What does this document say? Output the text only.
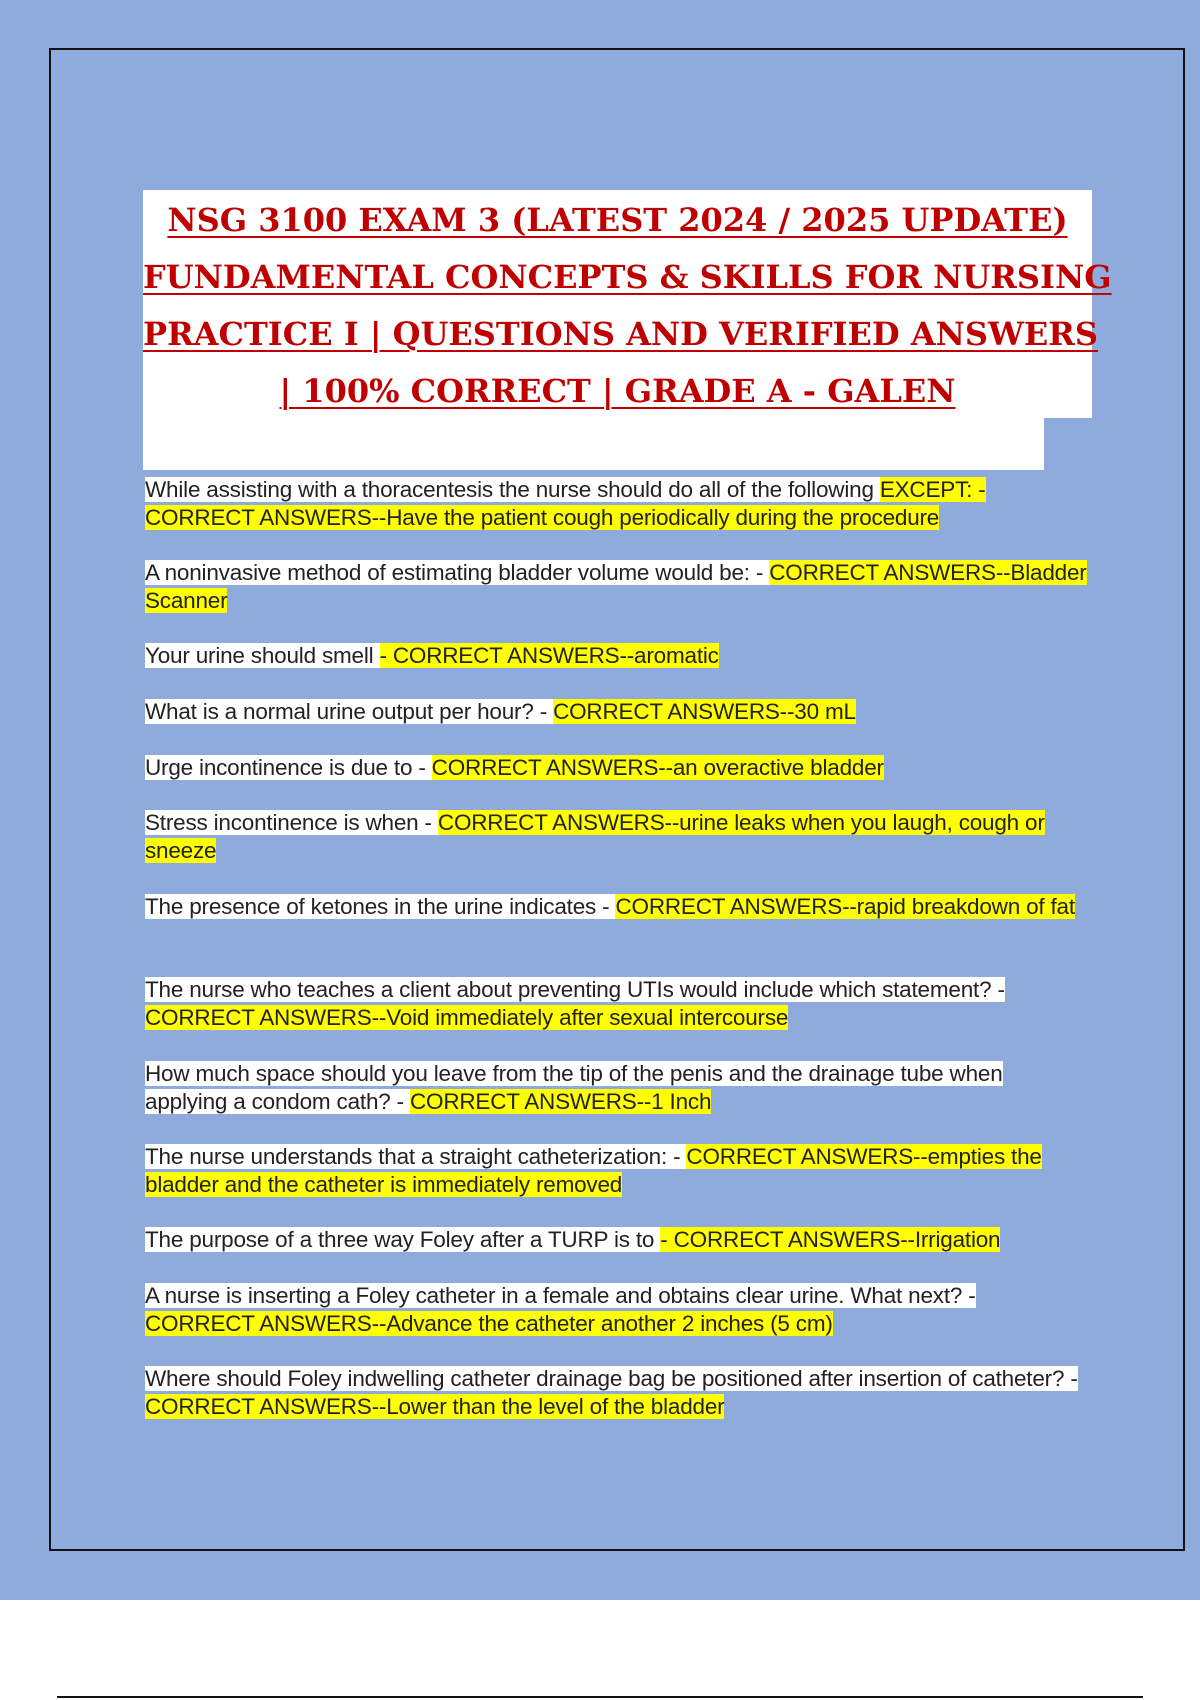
NSG 3100 EXAM 3 (LATEST 2024 / 2025 UPDATE)
FUNDAMENTAL CONCEPTS & SKILLS FOR NURSING
PRACTICE I | QUESTIONS AND VERIFIED ANSWERS
| 100% CORRECT | GRADE A - GALEN
While assisting with a thoracentesis the nurse should do all of the following EXCEPT: - CORRECT ANSWERS--Have the patient cough periodically during the procedure
A noninvasive method of estimating bladder volume would be: - CORRECT ANSWERS--Bladder Scanner
Your urine should smell - CORRECT ANSWERS--aromatic
What is a normal urine output per hour? - CORRECT ANSWERS--30 mL
Urge incontinence is due to - CORRECT ANSWERS--an overactive bladder
Stress incontinence is when - CORRECT ANSWERS--urine leaks when you laugh, cough or sneeze
The presence of ketones in the urine indicates - CORRECT ANSWERS--rapid breakdown of fat
The nurse who teaches a client about preventing UTIs would include which statement? - CORRECT ANSWERS--Void immediately after sexual intercourse
How much space should you leave from the tip of the penis and the drainage tube when applying a condom cath? - CORRECT ANSWERS--1 Inch
The nurse understands that a straight catheterization: - CORRECT ANSWERS--empties the bladder and the catheter is immediately removed
The purpose of a three way Foley after a TURP is to - CORRECT ANSWERS--Irrigation
A nurse is inserting a Foley catheter in a female and obtains clear urine. What next? - CORRECT ANSWERS--Advance the catheter another 2 inches (5 cm)
Where should Foley indwelling catheter drainage bag be positioned after insertion of catheter? - CORRECT ANSWERS--Lower than the level of the bladder
